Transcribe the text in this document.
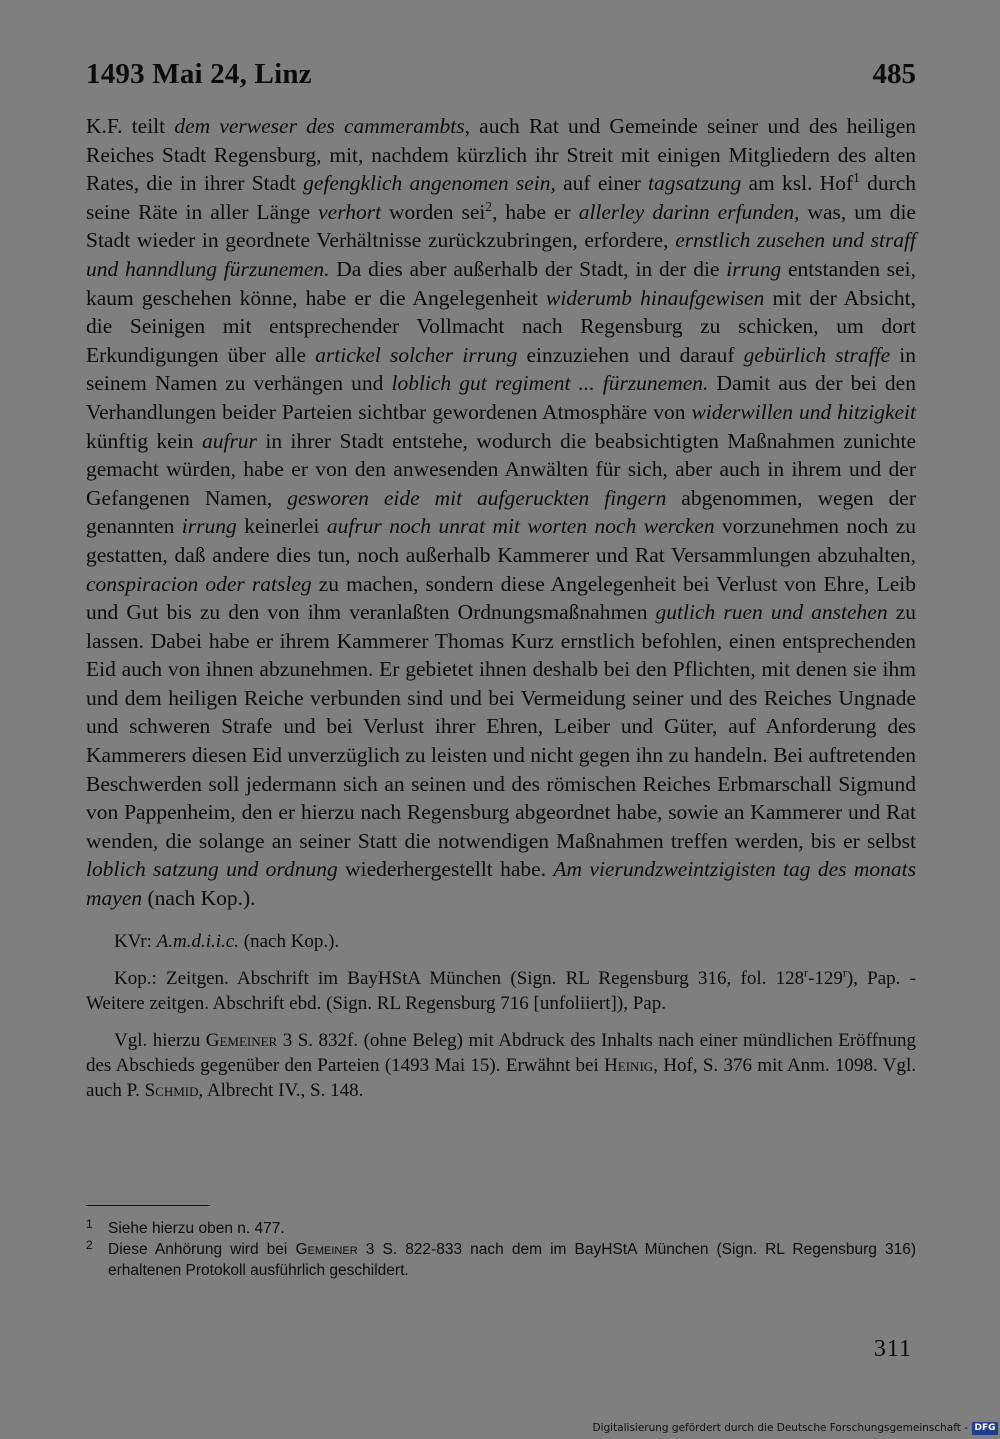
1493 Mai 24, Linz	485

K.F. teilt dem verweser des cammerambts, auch Rat und Gemeinde seiner und des heiligen Reiches Stadt Regensburg, mit, nachdem kürzlich ihr Streit mit einigen Mitgliedern des alten Rates, die in ihrer Stadt gefengklich angenomen sein, auf einer tagsatzung am ksl. Hof$^1$ durch seine Räte in aller Länge verhort worden sei$^2$, habe er allerley darinn erfunden, was, um die Stadt wieder in geordnete Verhältnisse zurückzubringen, erfordere, ernstlich zusehen und straff und hanndlung fürzunemen. Da dies aber außerhalb der Stadt, in der die irrung entstanden sei, kaum geschehen könne, habe er die Angelegenheit widerumb hinaufgewisen mit der Absicht, die Seinigen mit entsprechender Vollmacht nach Regensburg zu schicken, um dort Erkundigungen über alle artickel solcher irrung einzuziehen und darauf gebürlich straffe in seinem Namen zu verhängen und loblich gut regiment ... fürzunemen. Damit aus der bei den Verhandlungen beider Parteien sichtbar gewordenen Atmosphäre von widerwillen und hitzigkeit künftig kein aufrur in ihrer Stadt entstehe, wodurch die beabsichtigten Maßnahmen zunichte gemacht würden, habe er von den anwesenden Anwälten für sich, aber auch in ihrem und der Gefangenen Namen, gesworen eide mit aufgeruckten fingern abgenommen, wegen der genannten irrung keinerlei aufrur noch unrat mit worten noch wercken vorzunehmen noch zu gestatten, daß andere dies tun, noch außerhalb Kammerer und Rat Versammlungen abzuhalten, conspiracion oder ratsleg zu machen, sondern diese Angelegenheit bei Verlust von Ehre, Leib und Gut bis zu den von ihm veranlaßten Ordnungsmaßnahmen gutlich ruen und anstehen zu lassen. Dabei habe er ihrem Kammerer Thomas Kurz ernstlich befohlen, einen entsprechenden Eid auch von ihnen abzunehmen. Er gebietet ihnen deshalb bei den Pflichten, mit denen sie ihm und dem heiligen Reiche verbunden sind und bei Vermeidung seiner und des Reiches Ungnade und schweren Strafe und bei Verlust ihrer Ehren, Leiber und Güter, auf Anforderung des Kammerers diesen Eid unverzüglich zu leisten und nicht gegen ihn zu handeln. Bei auftretenden Beschwerden soll jedermann sich an seinen und des römischen Reiches Erbmarschall Sigmund von Pappenheim, den er hierzu nach Regensburg abgeordnet habe, sowie an Kammerer und Rat wenden, die solange an seiner Statt die notwendigen Maßnahmen treffen werden, bis er selbst loblich satzung und ordnung wiederhergestellt habe. Am vierundzweintzigisten tag des monats mayen (nach Kop.).

KVr: A.m.d.i.i.c. (nach Kop.).

Kop.: Zeitgen. Abschrift im BayHStA München (Sign. RL Regensburg 316, fol. 128$^r$-129$^r$), Pap. - Weitere zeitgen. Abschrift ebd. (Sign. RL Regensburg 716 [unfoliiert]), Pap.

Vgl. hierzu Gemeiner 3 S. 832f. (ohne Beleg) mit Abdruck des Inhalts nach einer mündlichen Eröffnung des Abschieds gegenüber den Parteien (1493 Mai 15). Erwähnt bei Heinig, Hof, S. 376 mit Anm. 1098. Vgl. auch P. Schmid, Albrecht IV., S. 148.

1 Siehe hierzu oben n. 477.

2 Diese Anhörung wird bei Gemeiner 3 S. 822-833 nach dem im BayHStA München (Sign. RL Regensburg 316) erhaltenen Protokoll ausführlich geschildert.

311
Digitalisierung gefördert durch die Deutsche Forschungsgemeinschaft - DFG
